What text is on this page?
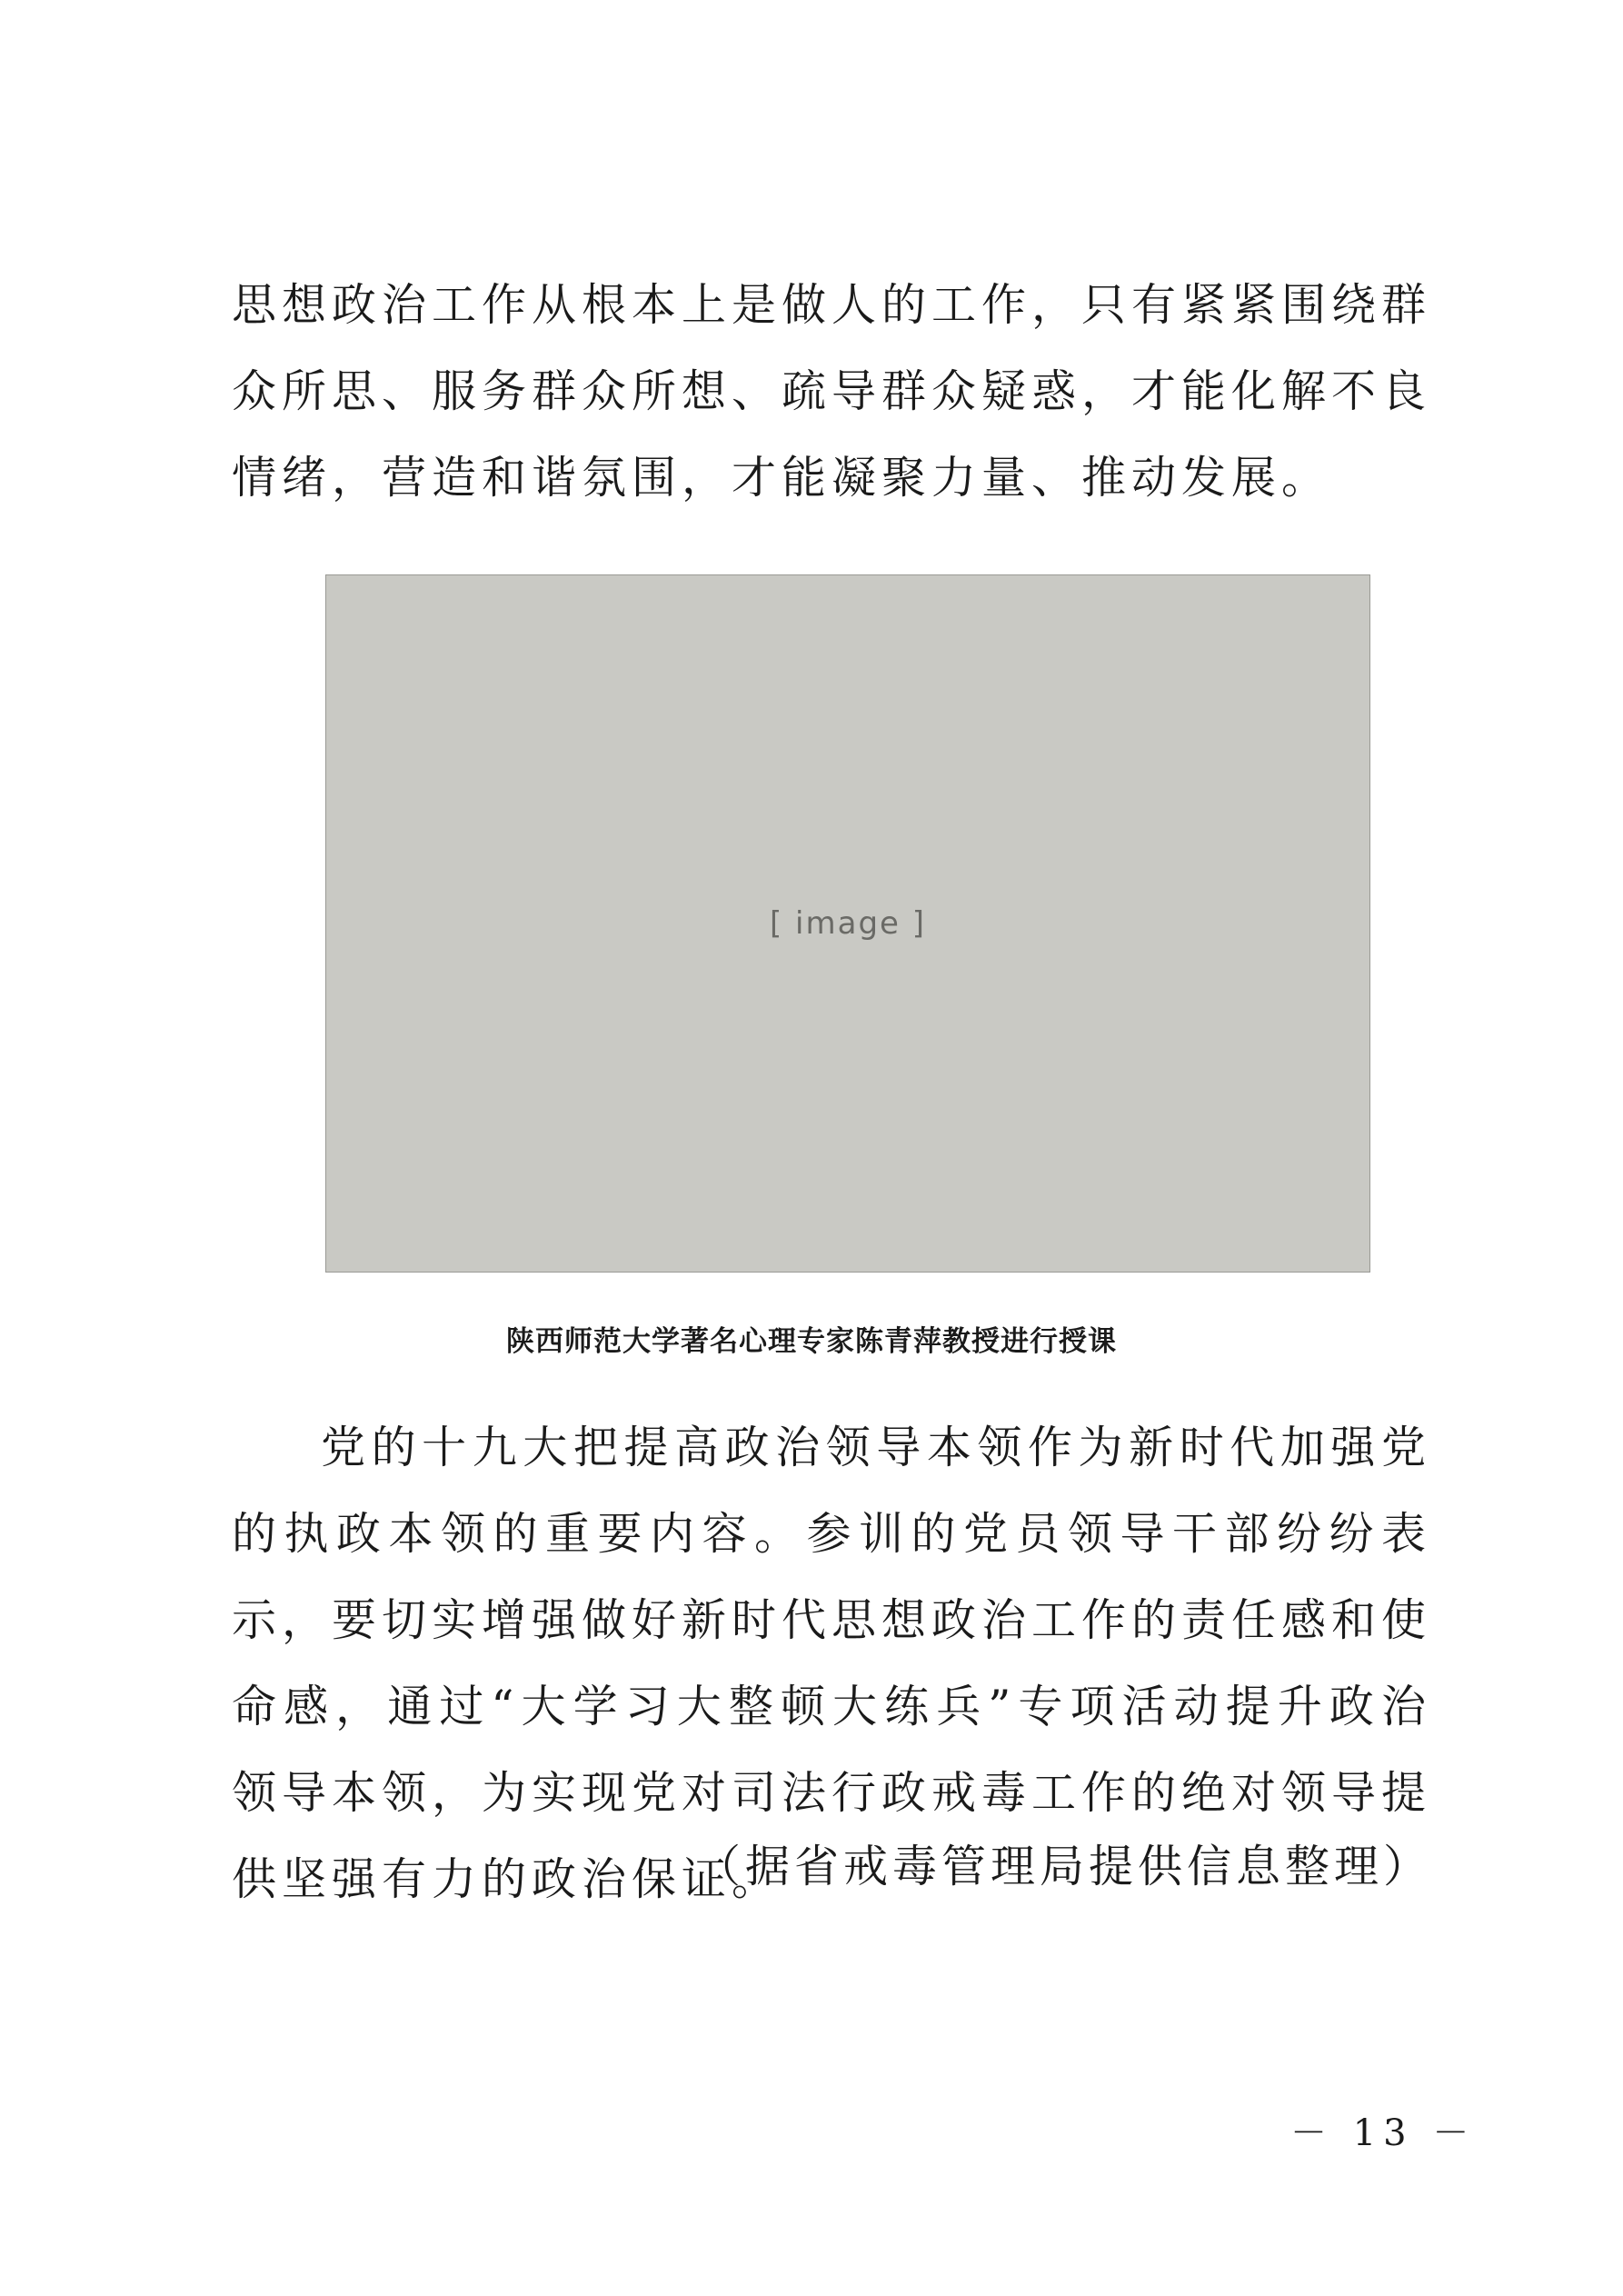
思想政治工作从根本上是做人的工作，只有紧紧围绕群众所思、服务群众所想、疏导群众疑惑，才能化解不良情绪，营造和谐氛围，才能凝聚力量、推动发展。

[ image ]

陕西师范大学著名心理专家陈青萍教授进行授课

党的十九大把提高政治领导本领作为新时代加强党的执政本领的重要内容。参训的党员领导干部纷纷表示，要切实增强做好新时代思想政治工作的责任感和使命感，通过“大学习大整顿大练兵”专项活动提升政治领导本领，为实现党对司法行政戒毒工作的绝对领导提供坚强有力的政治保证。

（据省戒毒管理局提供信息整理）

－ 13 －
